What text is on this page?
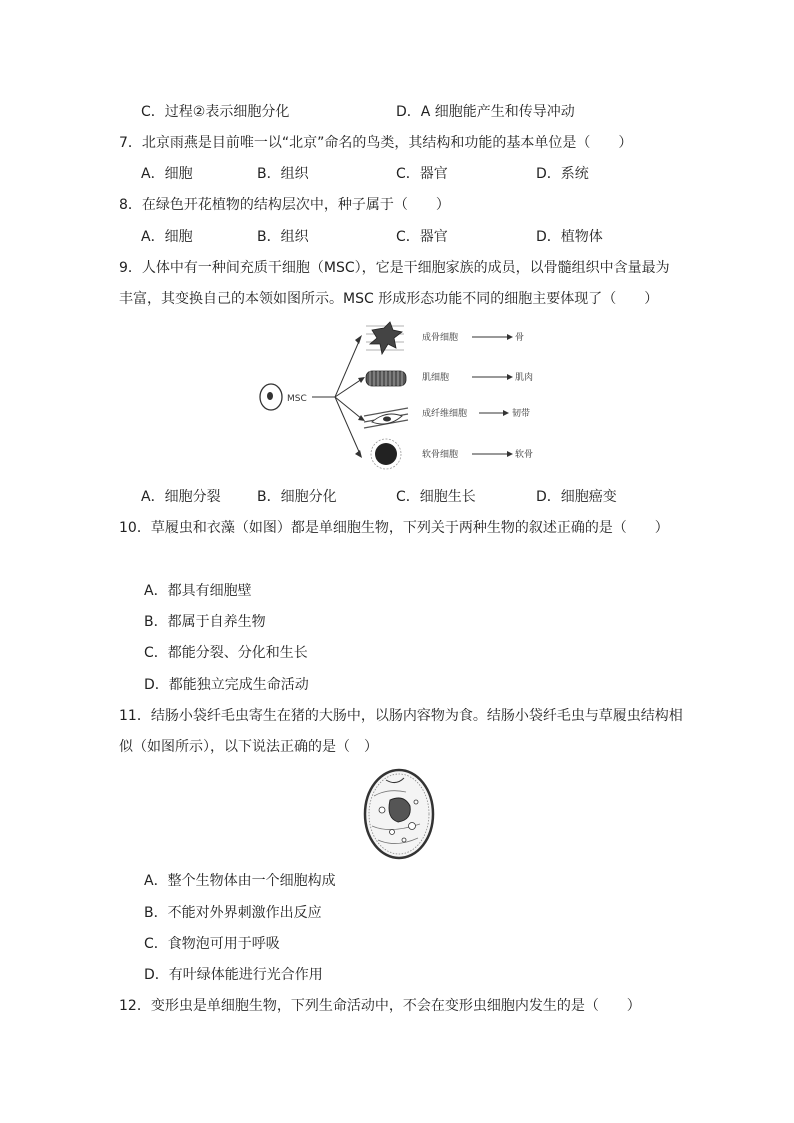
C．过程②表示细胞分化	D．A 细胞能产生和传导冲动
7．北京雨燕是目前唯一以“北京”命名的鸟类，其结构和功能的基本单位是（　　）
A．细胞	B．组织	C．器官	D．系统
8．在绿色开花植物的结构层次中，种子属于（　　）
A．细胞	B．组织	C．器官	D．植物体
9．人体中有一种间充质干细胞（MSC），它是干细胞家族的成员，以骨髓组织中含量最为
丰富，其变换自己的本领如图所示。MSC 形成形态功能不同的细胞主要体现了（　　）
MSC
成骨细胞	骨
肌细胞	肌肉
成纤维细胞	韧带
软骨细胞	软骨
A．细胞分裂	B．细胞分化	C．细胞生长	D．细胞癌变
10．草履虫和衣藻（如图）都是单细胞生物，下列关于两种生物的叙述正确的是（　　）
A．都具有细胞壁
B．都属于自养生物
C．都能分裂、分化和生长
D．都能独立完成生命活动
11．结肠小袋纤毛虫寄生在猪的大肠中，以肠内容物为食。结肠小袋纤毛虫与草履虫结构相
似（如图所示），以下说法正确的是（　）
A．整个生物体由一个细胞构成
B．不能对外界刺激作出反应
C．食物泡可用于呼吸
D．有叶绿体能进行光合作用
12．变形虫是单细胞生物，下列生命活动中，不会在变形虫细胞内发生的是（　　）
